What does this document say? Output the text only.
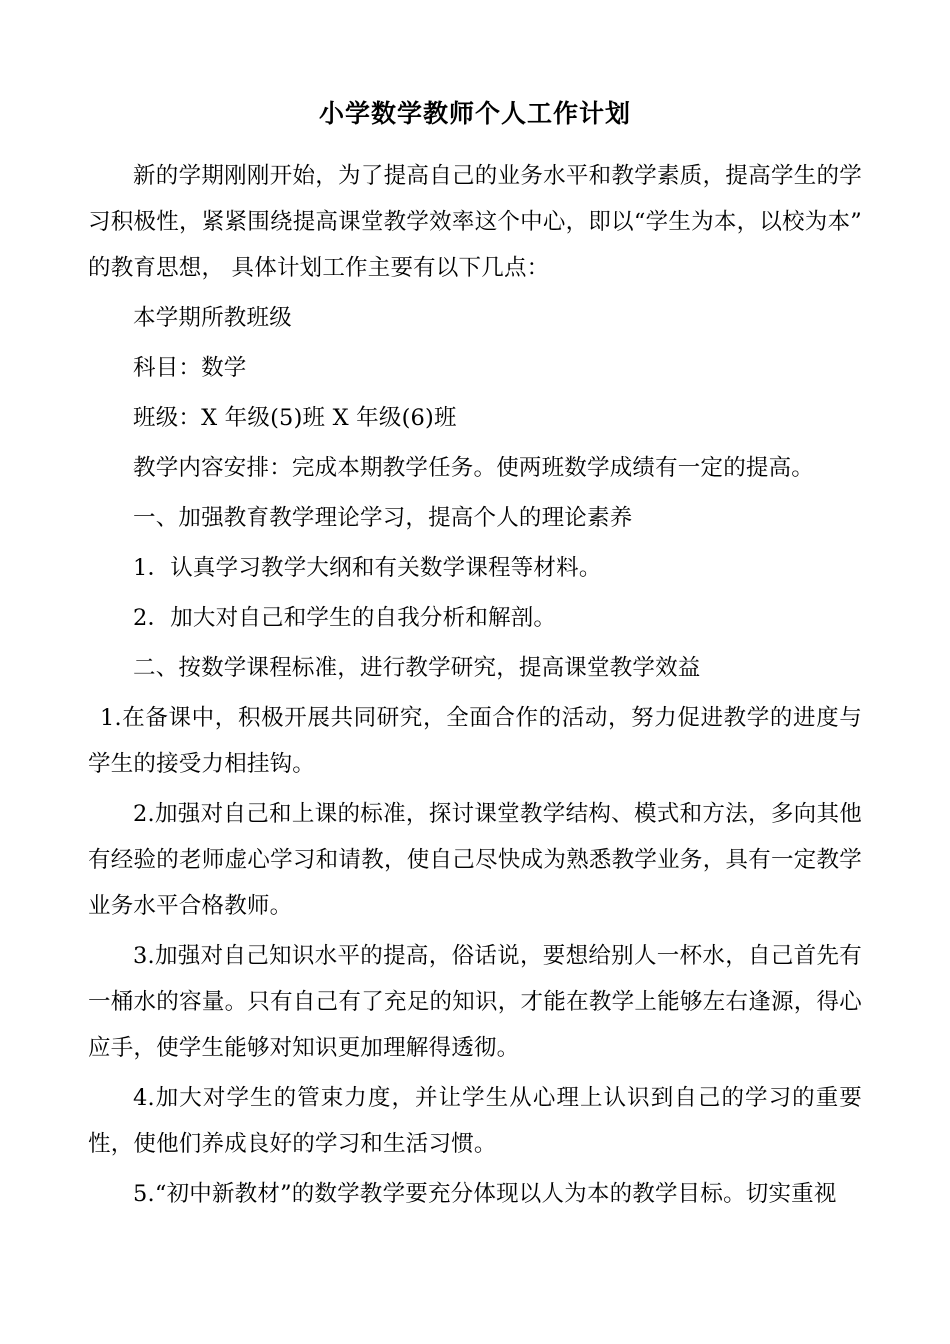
小学数学教师个人工作计划

新的学期刚刚开始，为了提高自己的业务水平和教学素质，提高学生的学习积极性，紧紧围绕提高课堂教学效率这个中心，即以“学生为本，以校为本”的教育思想， 具体计划工作主要有以下几点：

本学期所教班级

科目：数学

班级：X 年级(5)班 X 年级(6)班

教学内容安排：完成本期教学任务。使两班数学成绩有一定的提高。

一、加强教育教学理论学习，提高个人的理论素养

1．认真学习教学大纲和有关数学课程等材料。

2．加大对自己和学生的自我分析和解剖。

二、按数学课程标准，进行教学研究，提高课堂教学效益

1.在备课中，积极开展共同研究，全面合作的活动，努力促进教学的进度与学生的接受力相挂钩。

2.加强对自己和上课的标准，探讨课堂教学结构、模式和方法，多向其他有经验的老师虚心学习和请教，使自己尽快成为熟悉教学业务，具有一定教学业务水平合格教师。

3.加强对自己知识水平的提高，俗话说，要想给别人一杯水，自己首先有一桶水的容量。只有自己有了充足的知识，才能在教学上能够左右逢源，得心应手，使学生能够对知识更加理解得透彻。

4.加大对学生的管束力度，并让学生从心理上认识到自己的学习的重要性，使他们养成良好的学习和生活习惯。

5.“初中新教材”的数学教学要充分体现以人为本的教学目标。切实重视
